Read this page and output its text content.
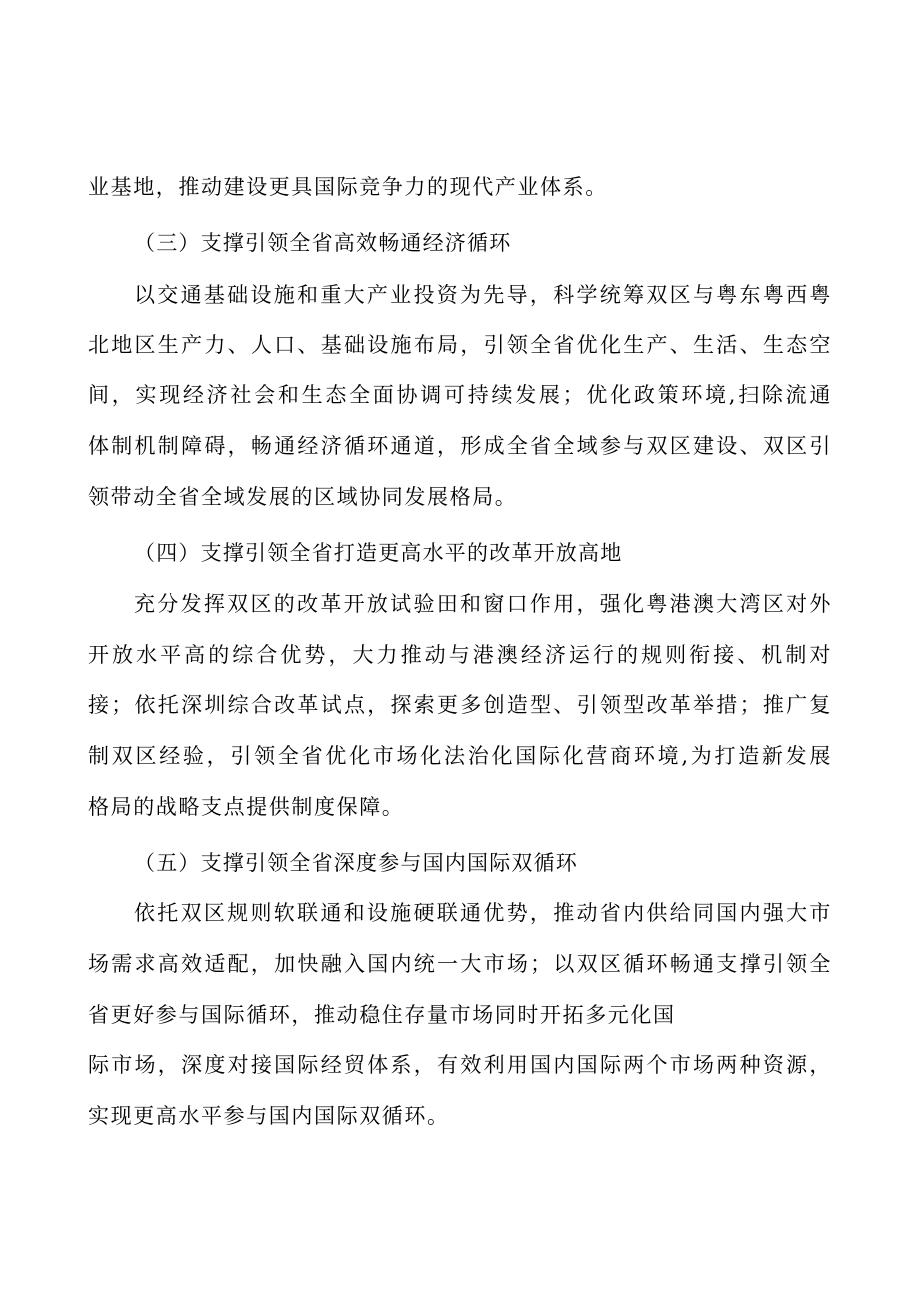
业基地，推动建设更具国际竞争力的现代产业体系。
（三）支撑引领全省高效畅通经济循环
以交通基础设施和重大产业投资为先导，科学统筹双区与粤东粤西粤
北地区生产力、人口、基础设施布局，引领全省优化生产、生活、生态空
间，实现经济社会和生态全面协调可持续发展；优化政策环境,扫除流通
体制机制障碍，畅通经济循环通道，形成全省全域参与双区建设、双区引
领带动全省全域发展的区域协同发展格局。
（四）支撑引领全省打造更高水平的改革开放高地
充分发挥双区的改革开放试验田和窗口作用，强化粤港澳大湾区对外
开放水平高的综合优势，大力推动与港澳经济运行的规则衔接、机制对
接；依托深圳综合改革试点，探索更多创造型、引领型改革举措；推广复
制双区经验，引领全省优化市场化法治化国际化营商环境,为打造新发展
格局的战略支点提供制度保障。
（五）支撑引领全省深度参与国内国际双循环
依托双区规则软联通和设施硬联通优势，推动省内供给同国内强大市
场需求高效适配，加快融入国内统一大市场；以双区循环畅通支撑引领全
省更好参与国际循环，推动稳住存量市场同时开拓多元化国
际市场，深度对接国际经贸体系，有效利用国内国际两个市场两种资源，
实现更高水平参与国内国际双循环。
